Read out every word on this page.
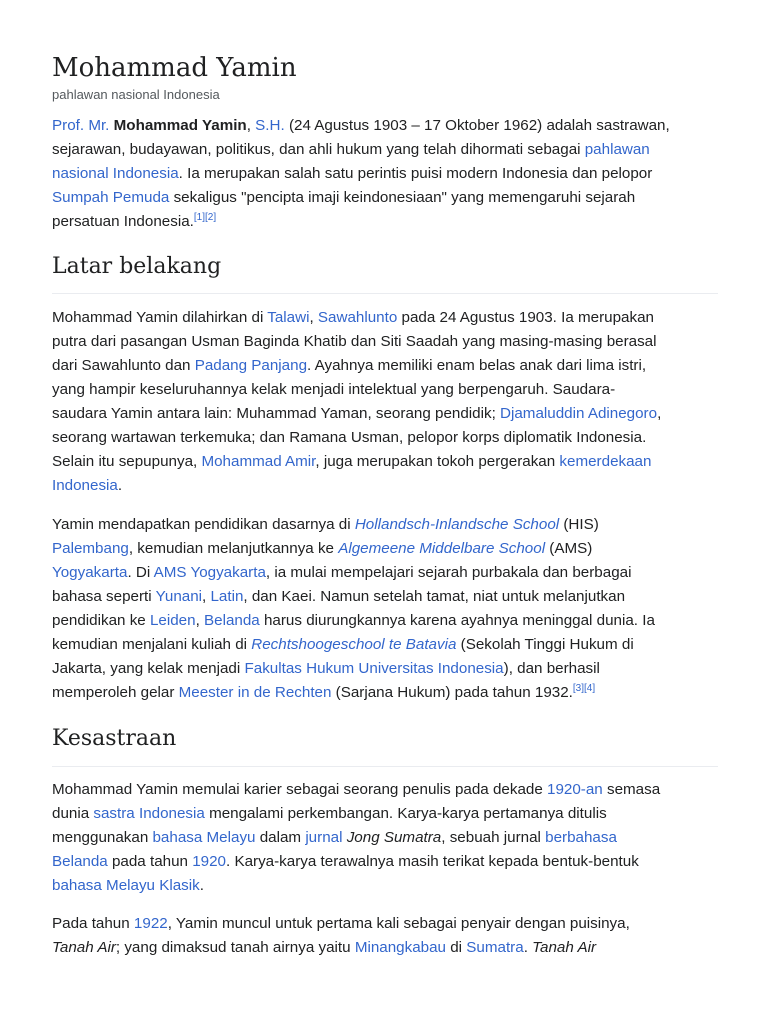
Mohammad Yamin
pahlawan nasional Indonesia
Prof. Mr. Mohammad Yamin, S.H. (24 Agustus 1903 – 17 Oktober 1962) adalah sastrawan,
sejarawan, budayawan, politikus, dan ahli hukum yang telah dihormati sebagai pahlawan
nasional Indonesia. Ia merupakan salah satu perintis puisi modern Indonesia dan pelopor
Sumpah Pemuda sekaligus "pencipta imaji keindonesiaan" yang memengaruhi sejarah
persatuan Indonesia.[1][2]
Latar belakang
Mohammad Yamin dilahirkan di Talawi, Sawahlunto pada 24 Agustus 1903. Ia merupakan
putra dari pasangan Usman Baginda Khatib dan Siti Saadah yang masing-masing berasal
dari Sawahlunto dan Padang Panjang. Ayahnya memiliki enam belas anak dari lima istri,
yang hampir keseluruhannya kelak menjadi intelektual yang berpengaruh. Saudara-
saudara Yamin antara lain: Muhammad Yaman, seorang pendidik; Djamaluddin Adinegoro,
seorang wartawan terkemuka; dan Ramana Usman, pelopor korps diplomatik Indonesia.
Selain itu sepupunya, Mohammad Amir, juga merupakan tokoh pergerakan kemerdekaan
Indonesia.
Yamin mendapatkan pendidikan dasarnya di Hollandsch-Inlandsche School (HIS)
Palembang, kemudian melanjutkannya ke Algemeene Middelbare School (AMS)
Yogyakarta. Di AMS Yogyakarta, ia mulai mempelajari sejarah purbakala dan berbagai
bahasa seperti Yunani, Latin, dan Kaei. Namun setelah tamat, niat untuk melanjutkan
pendidikan ke Leiden, Belanda harus diurungkannya karena ayahnya meninggal dunia. Ia
kemudian menjalani kuliah di Rechtshoogeschool te Batavia (Sekolah Tinggi Hukum di
Jakarta, yang kelak menjadi Fakultas Hukum Universitas Indonesia), dan berhasil
memperoleh gelar Meester in de Rechten (Sarjana Hukum) pada tahun 1932.[3][4]
Kesastraan
Mohammad Yamin memulai karier sebagai seorang penulis pada dekade 1920-an semasa
dunia sastra Indonesia mengalami perkembangan. Karya-karya pertamanya ditulis
menggunakan bahasa Melayu dalam jurnal Jong Sumatra, sebuah jurnal berbahasa
Belanda pada tahun 1920. Karya-karya terawalnya masih terikat kepada bentuk-bentuk
bahasa Melayu Klasik.
Pada tahun 1922, Yamin muncul untuk pertama kali sebagai penyair dengan puisinya,
Tanah Air; yang dimaksud tanah airnya yaitu Minangkabau di Sumatra. Tanah Air
